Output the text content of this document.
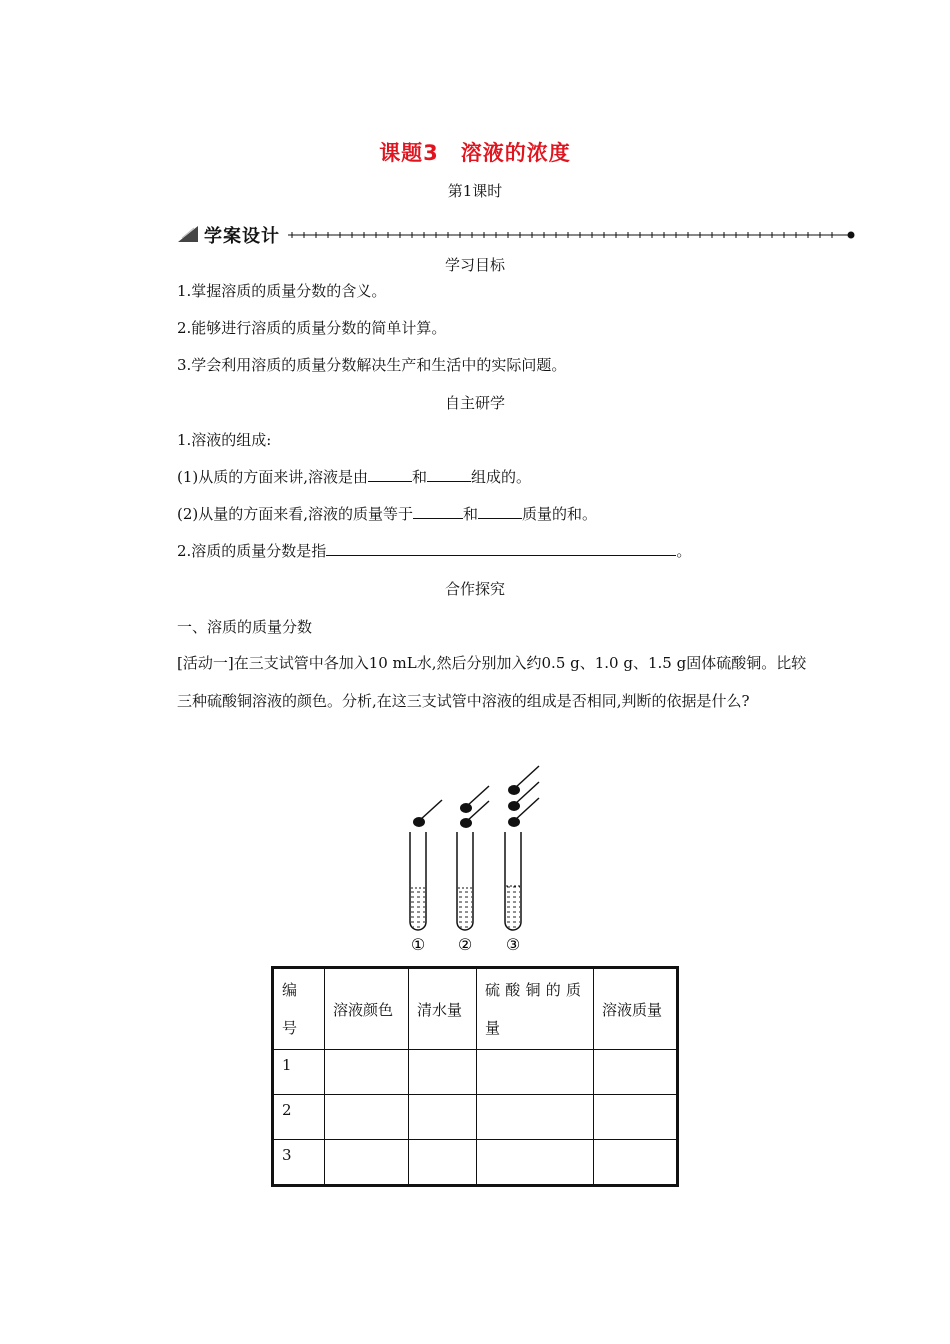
课题3　溶液的浓度
第1课时
学案设计
学习目标
1.掌握溶质的质量分数的含义。
2.能够进行溶质的质量分数的简单计算。
3.学会利用溶质的质量分数解决生产和生活中的实际问题。
自主研学
1.溶液的组成:
(1)从质的方面来讲,溶液是由	和	组成的。
(2)从量的方面来看,溶液的质量等于	和	质量的和。
2.溶质的质量分数是指	。
合作探究
一、溶质的质量分数
[活动一]在三支试管中各加入10 mL水,然后分别加入约0.5 g、1.0 g、1.5 g固体硫酸铜。比较三种硫酸铜溶液的颜色。分析,在这三支试管中溶液的组成是否相同,判断的依据是什么?
① ② ③
编号	溶液颜色	清水量	硫酸铜的质量	溶液质量
1				
2				
3				
